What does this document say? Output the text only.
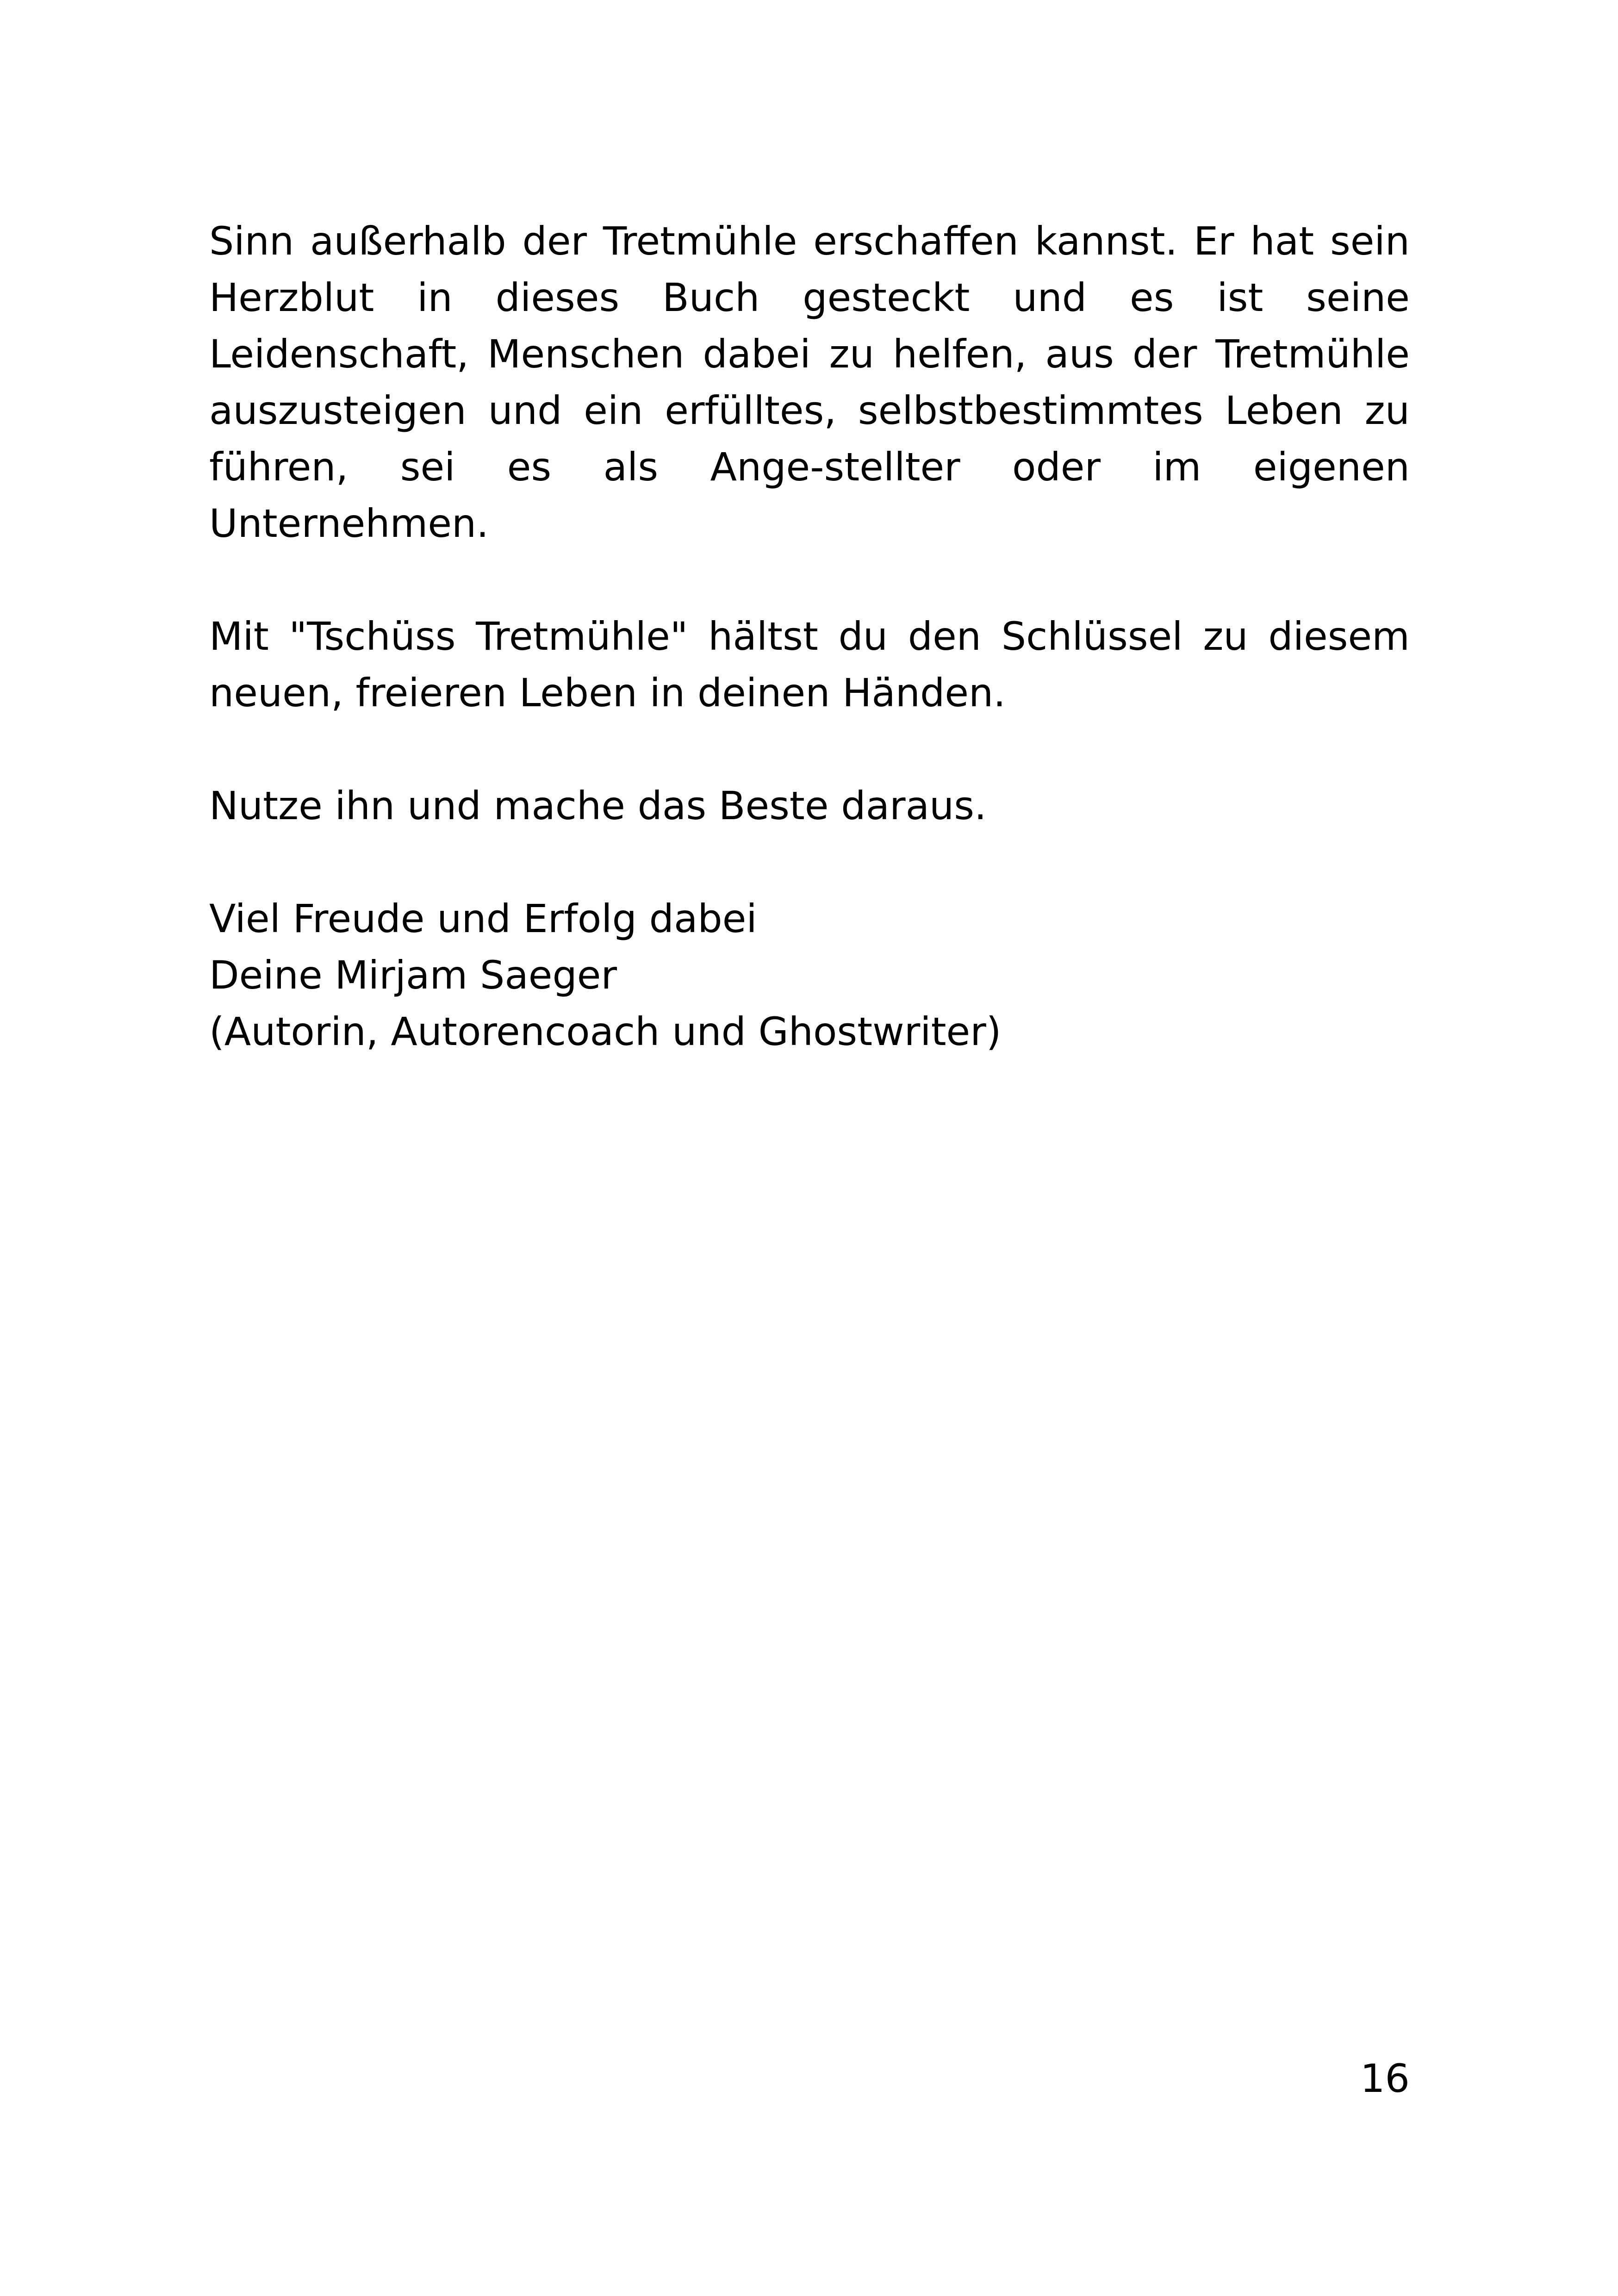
Sinn außerhalb der Tretmühle erschaffen kannst. Er hat sein Herzblut in dieses Buch gesteckt und es ist seine Leidenschaft, Menschen dabei zu helfen, aus der Tretmühle auszusteigen und ein erfülltes, selbstbestimmtes Leben zu führen, sei es als Ange-stellter oder im eigenen Unternehmen.

Mit "Tschüss Tretmühle" hältst du den Schlüssel zu diesem neuen, freieren Leben in deinen Händen.

Nutze ihn und mache das Beste daraus.

Viel Freude und Erfolg dabei
Deine Mirjam Saeger
(Autorin, Autorencoach und Ghostwriter)
16
